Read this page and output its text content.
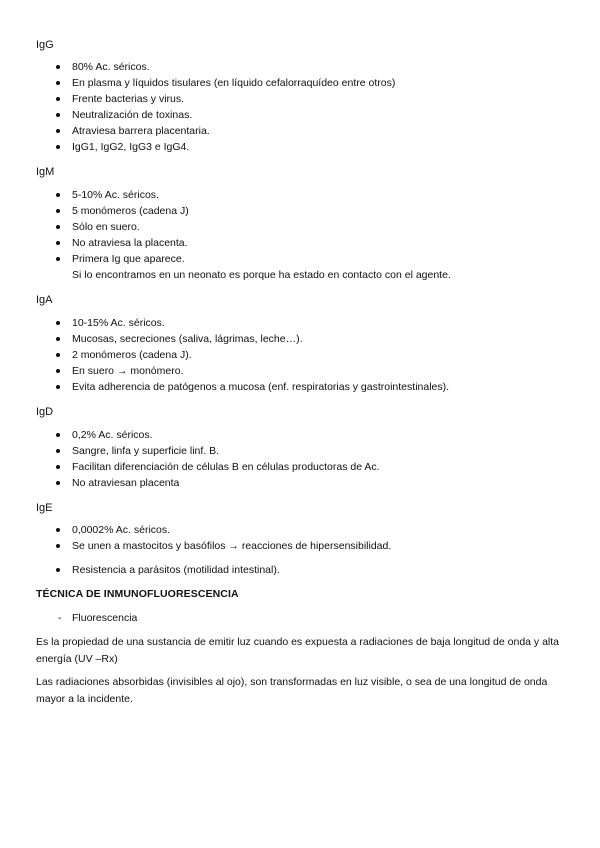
IgG
80% Ac. séricos.
En plasma y líquidos tisulares (en líquido cefalorraquídeo entre otros)
Frente bacterias y virus.
Neutralización de toxinas.
Atraviesa barrera placentaria.
IgG1, IgG2, IgG3 e IgG4.
IgM
5-10% Ac. séricos.
5 monómeros (cadena J)
Sólo en suero.
No atraviesa la placenta.
Primera Ig que aparece.
Si lo encontramos en un neonato es porque ha estado en contacto con el agente.
IgA
10-15% Ac. séricos.
Mucosas, secreciones (saliva, lágrimas, leche…).
2 monómeros (cadena J).
En suero → monómero.
Evita adherencia de patógenos a mucosa (enf. respiratorias y gastrointestinales).
IgD
0,2% Ac. séricos.
Sangre, linfa y superficie linf. B.
Facilitan diferenciación de células B en células productoras de Ac.
No atraviesan placenta
IgE
0,0002% Ac. séricos.
Se unen a mastocitos y basófilos → reacciones de hipersensibilidad.
Resistencia a parásitos (motilidad intestinal).
TÉCNICA DE INMUNOFLUORESCENCIA
- Fluorescencia
Es la propiedad de una sustancia de emitir luz cuando es expuesta a radiaciones de baja longitud de onda y alta energía (UV –Rx)
Las radiaciones absorbidas (invisibles al ojo), son transformadas en luz visible, o sea de una longitud de onda mayor a la incidente.
